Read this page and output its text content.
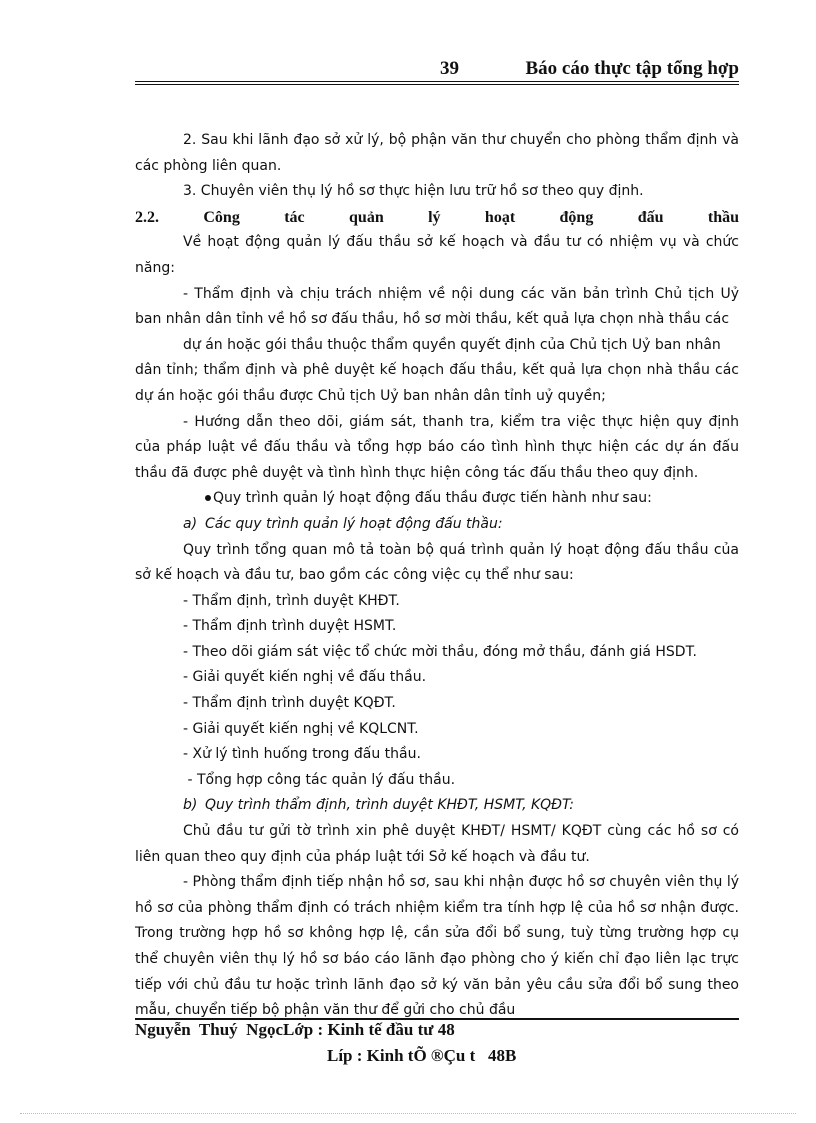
39	Báo cáo thực tập tổng hợp

2. Sau khi lãnh đạo sở xử lý, bộ phận văn thư chuyển cho phòng thẩm định và các phòng liên quan.

3. Chuyên viên thụ lý hồ sơ thực hiện lưu trữ hồ sơ theo quy định.

2.2.	Công	tác	quản	lý	hoạt	động	đấu	thầu

Về hoạt động quản lý đấu thầu sở kế hoạch và đầu tư có nhiệm vụ và chức năng:

- Thẩm định và chịu trách nhiệm về nội dung các văn bản trình Chủ tịch Uỷ ban nhân dân tỉnh về hồ sơ đấu thầu, hồ sơ mời thầu, kết quả lựa chọn nhà thầu các

dự án hoặc gói thầu thuộc thẩm quyền quyết định của Chủ tịch Uỷ ban nhân

dân tỉnh; thẩm định và phê duyệt kế hoạch đấu thầu, kết quả lựa chọn nhà thầu các dự án hoặc gói thầu được Chủ tịch Uỷ ban nhân dân tỉnh uỷ quyền;

- Hướng dẫn theo dõi, giám sát, thanh tra, kiểm tra việc thực hiện quy định của pháp luật về đấu thầu và tổng hợp báo cáo tình hình thực hiện các dự án đấu thầu đã được phê duyệt và tình hình thực hiện công tác đấu thầu theo quy định.

Quy trình quản lý hoạt động đấu thầu được tiến hành như sau:

a) Các quy trình quản lý hoạt động đấu thầu:

Quy trình tổng quan mô tả toàn bộ quá trình quản lý hoạt động đấu thầu của sở kế hoạch và đầu tư, bao gồm các công việc cụ thể như sau:

- Thẩm định, trình duyệt KHĐT.

- Thẩm định trình duyệt HSMT.

- Theo dõi giám sát việc tổ chức mời thầu, đóng mở thầu, đánh giá HSDT.

- Giải quyết kiến nghị về đấu thầu.

- Thẩm định trình duyệt KQĐT.

- Giải quyết kiến nghị về KQLCNT.

- Xử lý tình huống trong đấu thầu.

- Tổng hợp công tác quản lý đấu thầu.

b) Quy trình thẩm định, trình duyệt KHĐT, HSMT, KQĐT:

Chủ đầu tư gửi tờ trình xin phê duyệt KHĐT/ HSMT/ KQĐT cùng các hồ sơ có liên quan theo quy định của pháp luật tới Sở kế hoạch và đầu tư.

- Phòng thẩm định tiếp nhận hồ sơ, sau khi nhận được hồ sơ chuyên viên thụ lý hồ sơ của phòng thẩm định có trách nhiệm kiểm tra tính hợp lệ của hồ sơ nhận được. Trong trường hợp hồ sơ không hợp lệ, cần sửa đổi bổ sung, tuỳ từng trường hợp cụ thể chuyên viên thụ lý hồ sơ báo cáo lãnh đạo phòng cho ý kiến chỉ đạo liên lạc trực tiếp với chủ đầu tư hoặc trình lãnh đạo sở ký văn bản yêu cầu sửa đổi bổ sung theo mẫu, chuyển tiếp bộ phận văn thư để gửi cho chủ đầu

Nguyễn  Thuý  NgọcLớp : Kinh tế đầu tư 48
Líp : Kinh tÕ ®Çu t   48B
